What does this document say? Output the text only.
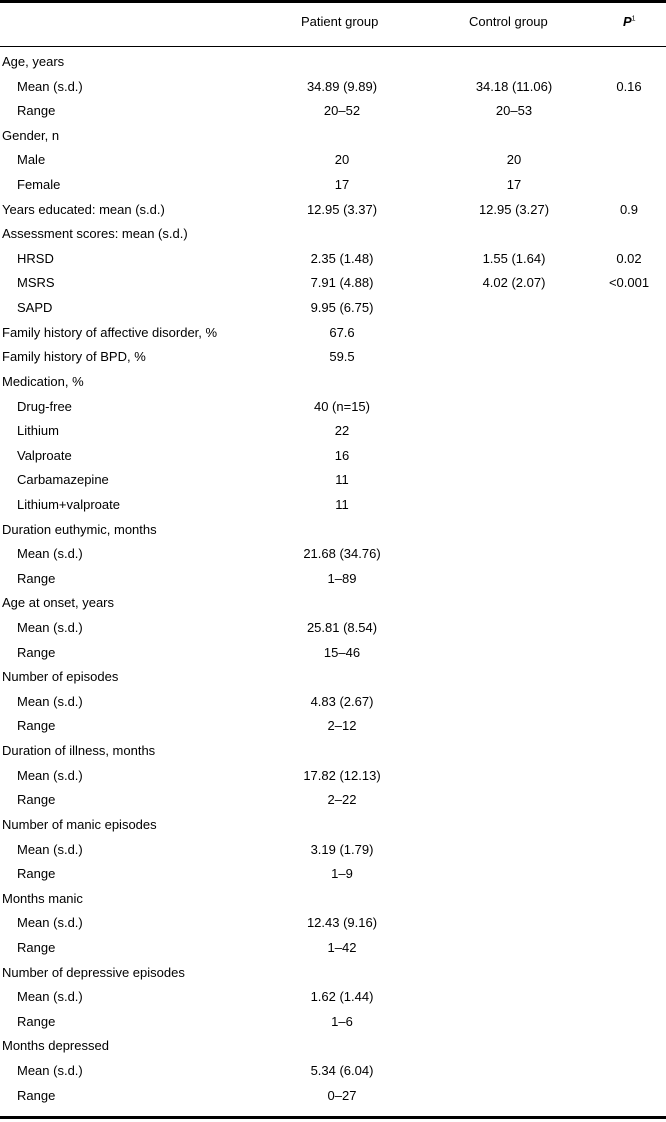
Patient group	Control group	$P^1$
Age, years
Mean (s.d.)	34.89 (9.89)	34.18 (11.06)	0.16
Range	20–52	20–53
Gender, n
Male	20	20
Female	17	17
Years educated: mean (s.d.)	12.95 (3.37)	12.95 (3.27)	0.9
Assessment scores: mean (s.d.)
HRSD	2.35 (1.48)	1.55 (1.64)	0.02
MSRS	7.91 (4.88)	4.02 (2.07)	<0.001
SAPD	9.95 (6.75)
Family history of affective disorder, %	67.6
Family history of BPD, %	59.5
Medication, %
Drug-free	40 (n=15)
Lithium	22
Valproate	16
Carbamazepine	11
Lithium+valproate	11
Duration euthymic, months
Mean (s.d.)	21.68 (34.76)
Range	1–89
Age at onset, years
Mean (s.d.)	25.81 (8.54)
Range	15–46
Number of episodes
Mean (s.d.)	4.83 (2.67)
Range	2–12
Duration of illness, months
Mean (s.d.)	17.82 (12.13)
Range	2–22
Number of manic episodes
Mean (s.d.)	3.19 (1.79)
Range	1–9
Months manic
Mean (s.d.)	12.43 (9.16)
Range	1–42
Number of depressive episodes
Mean (s.d.)	1.62 (1.44)
Range	1–6
Months depressed
Mean (s.d.)	5.34 (6.04)
Range	0–27
